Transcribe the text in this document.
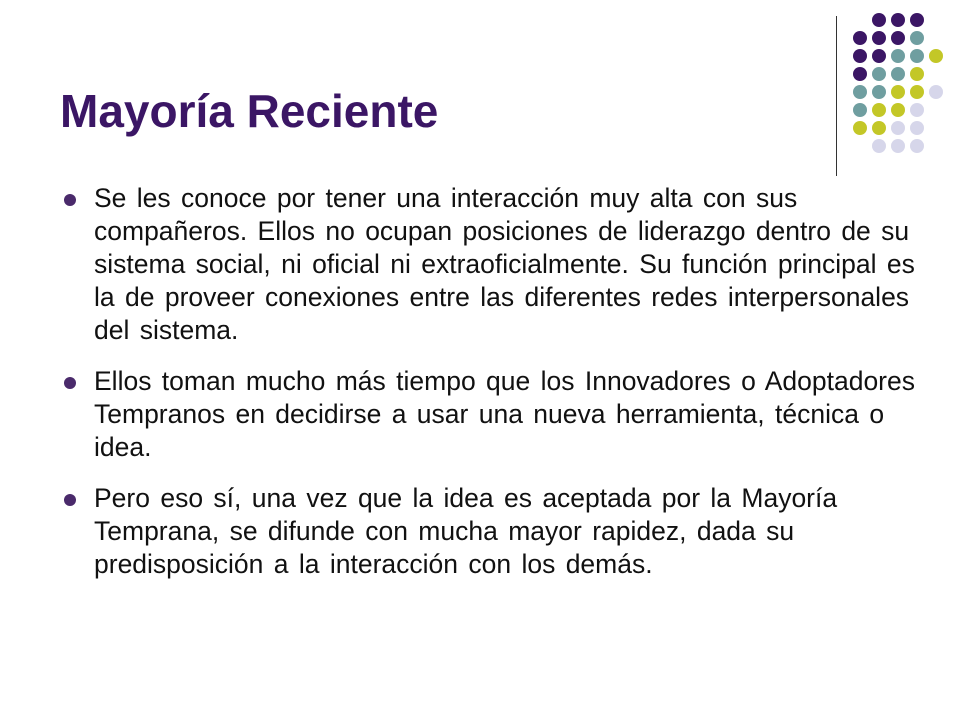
Mayoría Reciente
Se les conoce por tener una interacción muy alta con sus compañeros. Ellos no ocupan posiciones de liderazgo dentro de su sistema social, ni oficial ni extraoficialmente. Su función principal es la de proveer conexiones entre las diferentes redes interpersonales del sistema.
Ellos toman mucho más tiempo que los Innovadores o Adoptadores Tempranos en decidirse a usar una nueva herramienta, técnica o idea.
Pero eso sí, una vez que la idea es aceptada por la Mayoría Temprana, se difunde con mucha mayor rapidez, dada su predisposición a la interacción con los demás.
